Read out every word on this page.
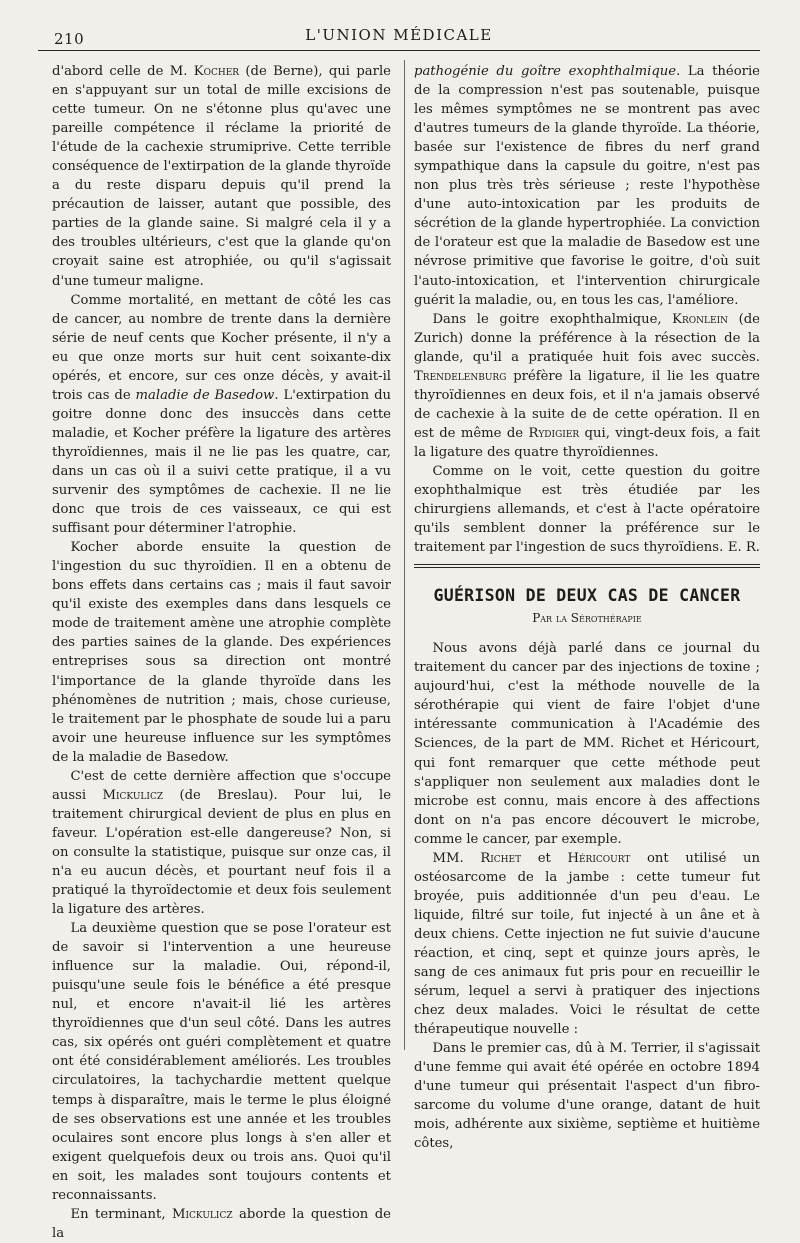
210	L'UNION MÉDICALE

d'abord celle de M. Kocher (de Berne), qui parle en s'appuyant sur un total de mille excisions de cette tumeur. On ne s'étonne plus qu'avec une pareille compétence il réclame la priorité de l'étude de la cachexie strumiprive. Cette terrible conséquence de l'extirpation de la glande thyroïde a du reste disparu depuis qu'il prend la précaution de laisser, autant que possible, des parties de la glande saine. Si malgré cela il y a des troubles ultérieurs, c'est que la glande qu'on croyait saine est atrophiée, ou qu'il s'agissait d'une tumeur maligne.

Comme mortalité, en mettant de côté les cas de cancer, au nombre de trente dans la dernière série de neuf cents que Kocher présente, il n'y a eu que onze morts sur huit cent soixante-dix opérés, et encore, sur ces onze décès, y avait-il trois cas de maladie de Basedow. L'extirpation du goitre donne donc des insuccès dans cette maladie, et Kocher préfère la ligature des artères thyroïdiennes, mais il ne lie pas les quatre, car, dans un cas où il a suivi cette pratique, il a vu survenir des symptômes de cachexie. Il ne lie donc que trois de ces vaisseaux, ce qui est suffisant pour déterminer l'atrophie.

Kocher aborde ensuite la question de l'ingestion du suc thyroïdien. Il en a obtenu de bons effets dans certains cas ; mais il faut savoir qu'il existe des exemples dans dans lesquels ce mode de traitement amène une atrophie complète des parties saines de la glande. Des expériences entreprises sous sa direction ont montré l'importance de la glande thyroïde dans les phénomènes de nutrition ; mais, chose curieuse, le traitement par le phosphate de soude lui a paru avoir une heureuse influence sur les symptômes de la maladie de Basedow.

C'est de cette dernière affection que s'occupe aussi Mickulicz (de Breslau). Pour lui, le traitement chirurgical devient de plus en plus en faveur. L'opération est-elle dangereuse? Non, si on consulte la statistique, puisque sur onze cas, il n'a eu aucun décès, et pourtant neuf fois il a pratiqué la thyroïdectomie et deux fois seulement la ligature des artères.

La deuxième question que se pose l'orateur est de savoir si l'intervention a une heureuse influence sur la maladie. Oui, répond-il, puisqu'une seule fois le bénéfice a été presque nul, et encore n'avait-il lié les artères thyroïdiennes que d'un seul côté. Dans les autres cas, six opérés ont guéri complètement et quatre ont été considérablement améliorés. Les troubles circulatoires, la tachychardie mettent quelque temps à disparaître, mais le terme le plus éloigné de ses observations est une année et les troubles oculaires sont encore plus longs à s'en aller et exigent quelquefois deux ou trois ans. Quoi qu'il en soit, les malades sont toujours contents et reconnaissants.

En terminant, Mickulicz aborde la question de la

pathogénie du goître exophthalmique. La théorie de la compression n'est pas soutenable, puisque les mêmes symptômes ne se montrent pas avec d'autres tumeurs de la glande thyroïde. La théorie, basée sur l'existence de fibres du nerf grand sympathique dans la capsule du goitre, n'est pas non plus très très sérieuse ; reste l'hypothèse d'une auto-intoxication par les produits de sécrétion de la glande hypertrophiée. La conviction de l'orateur est que la maladie de Basedow est une névrose primitive que favorise le goitre, d'où suit l'auto-intoxication, et l'intervention chirurgicale guérit la maladie, ou, en tous les cas, l'améliore.

Dans le goitre exophthalmique, Kronlein (de Zurich) donne la préférence à la résection de la glande, qu'il a pratiquée huit fois avec succès. Trendelenburg préfère la ligature, il lie les quatre thyroïdiennes en deux fois, et il n'a jamais observé de cachexie à la suite de de cette opération. Il en est de même de Rydigier qui, vingt-deux fois, a fait la ligature des quatre thyroïdiennes.

Comme on le voit, cette question du goitre exophthalmique est très étudiée par les chirurgiens allemands, et c'est à l'acte opératoire qu'ils semblent donner la préférence sur le traitement par l'ingestion de sucs thyroïdiens. E. R.

GUÉRISON DE DEUX CAS DE CANCER
Par la Sérothérapie

Nous avons déjà parlé dans ce journal du traitement du cancer par des injections de toxine ; aujourd'hui, c'est la méthode nouvelle de la sérothérapie qui vient de faire l'objet d'une intéressante communication à l'Académie des Sciences, de la part de MM. Richet et Héricourt, qui font remarquer que cette méthode peut s'appliquer non seulement aux maladies dont le microbe est connu, mais encore à des affections dont on n'a pas encore découvert le microbe, comme le cancer, par exemple.

MM. Richet et Héricourt ont utilisé un ostéosarcome de la jambe : cette tumeur fut broyée, puis additionnée d'un peu d'eau. Le liquide, filtré sur toile, fut injecté à un âne et à deux chiens. Cette injection ne fut suivie d'aucune réaction, et cinq, sept et quinze jours après, le sang de ces animaux fut pris pour en recueillir le sérum, lequel a servi à pratiquer des injections chez deux malades. Voici le résultat de cette thérapeutique nouvelle :

Dans le premier cas, dû à M. Terrier, il s'agissait d'une femme qui avait été opérée en octobre 1894 d'une tumeur qui présentait l'aspect d'un fibro-sarcome du volume d'une orange, datant de huit mois, adhérente aux sixième, septième et huitième côtes,
